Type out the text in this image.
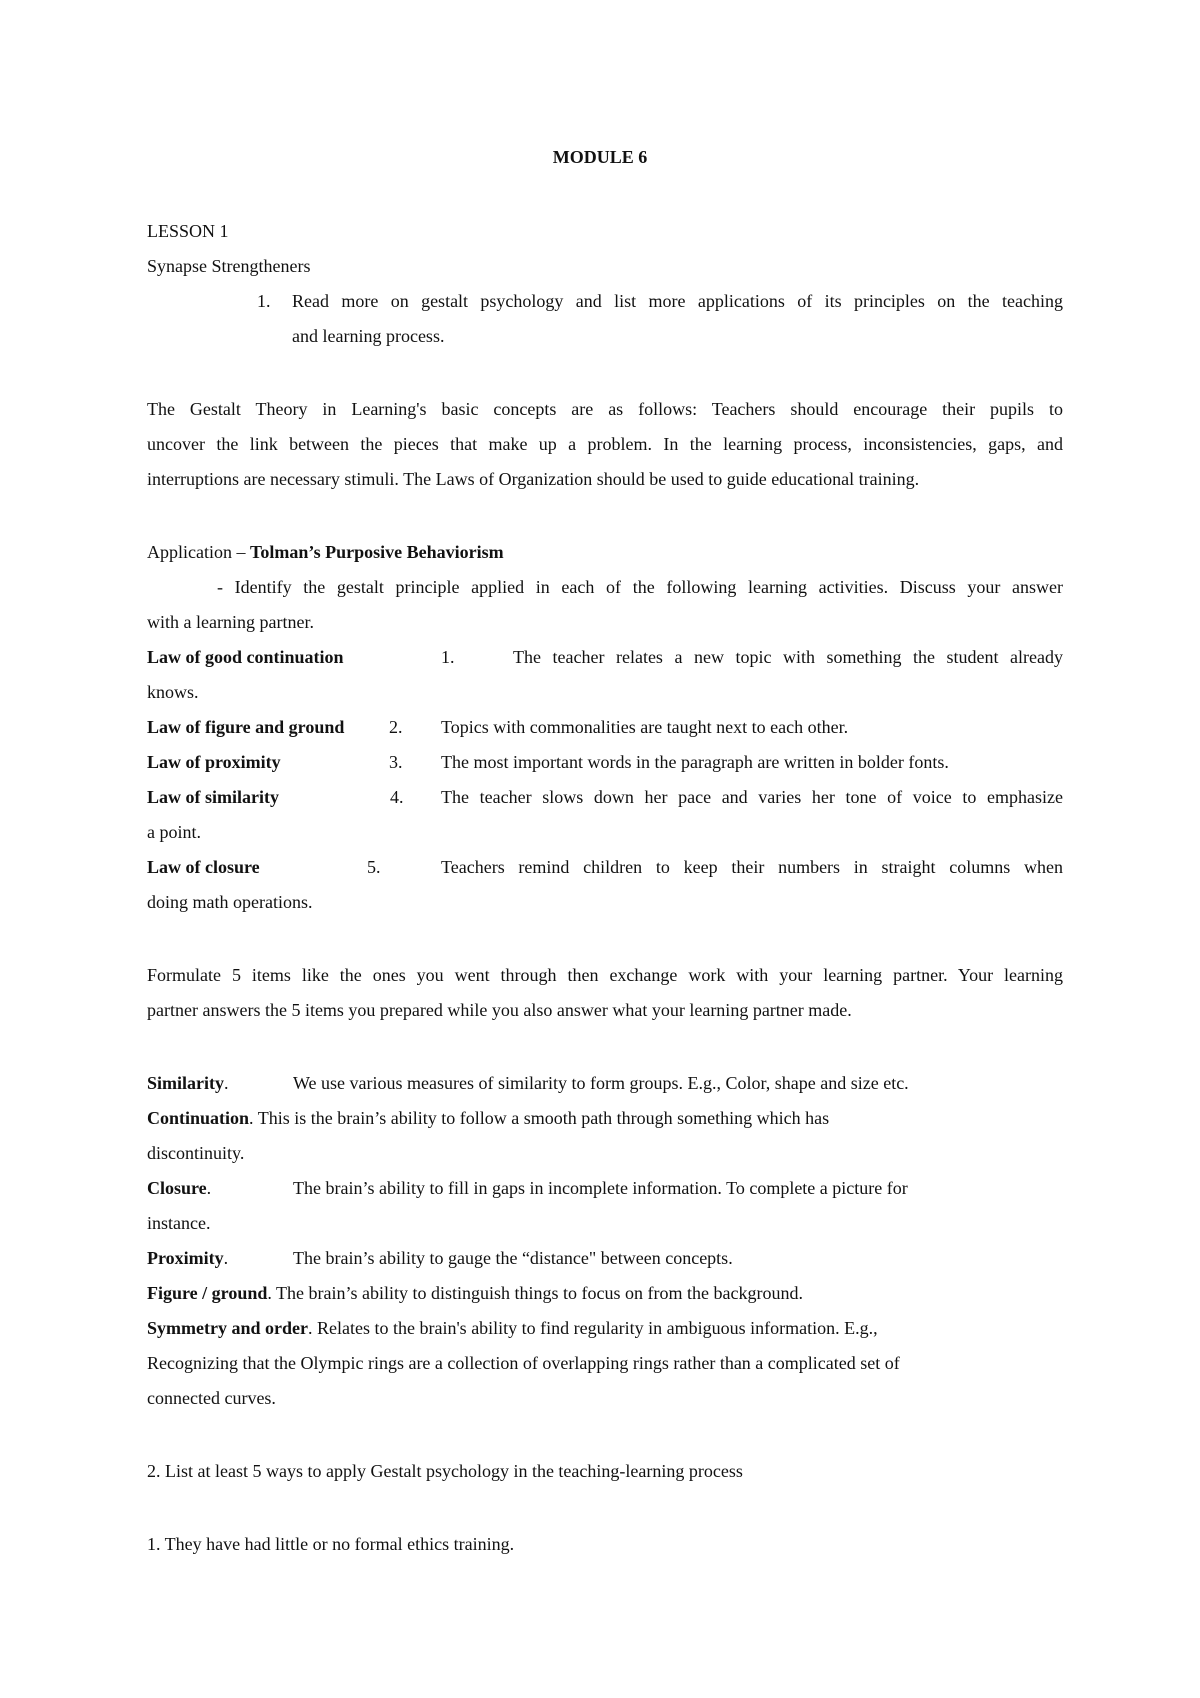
MODULE 6
LESSON 1
Synapse Strengtheners
1. Read more on gestalt psychology and list more applications of its principles on the teaching
and learning process.
The Gestalt Theory in Learning's basic concepts are as follows: Teachers should encourage their pupils to
uncover the link between the pieces that make up a problem. In the learning process, inconsistencies, gaps, and
interruptions are necessary stimuli. The Laws of Organization should be used to guide educational training.
Application – Tolman’s Purposive Behaviorism
- Identify the gestalt principle applied in each of the following learning activities. Discuss your answer
with a learning partner.
Law of good continuation	1.	The teacher relates a new topic with something the student already
knows.
Law of figure and ground 2. Topics with commonalities are taught next to each other.
Law of proximity	3. The most important words in the paragraph are written in bolder fonts.
Law of similarity	4. The teacher slows down her pace and varies her tone of voice to emphasize
a point.
Law of closure	5.	Teachers remind children to keep their numbers in straight columns when
doing math operations.
Formulate 5 items like the ones you went through then exchange work with your learning partner. Your learning
partner answers the 5 items you prepared while you also answer what your learning partner made.
Similarity.	We use various measures of similarity to form groups. E.g., Color, shape and size etc.
Continuation. This is the brain’s ability to follow a smooth path through something which has
discontinuity.
Closure.	The brain’s ability to fill in gaps in incomplete information. To complete a picture for
instance.
Proximity.	The brain’s ability to gauge the “distance" between concepts.
Figure / ground. The brain’s ability to distinguish things to focus on from the background.
Symmetry and order. Relates to the brain's ability to find regularity in ambiguous information. E.g.,
Recognizing that the Olympic rings are a collection of overlapping rings rather than a complicated set of
connected curves.
2. List at least 5 ways to apply Gestalt psychology in the teaching-learning process
1. They have had little or no formal ethics training.
